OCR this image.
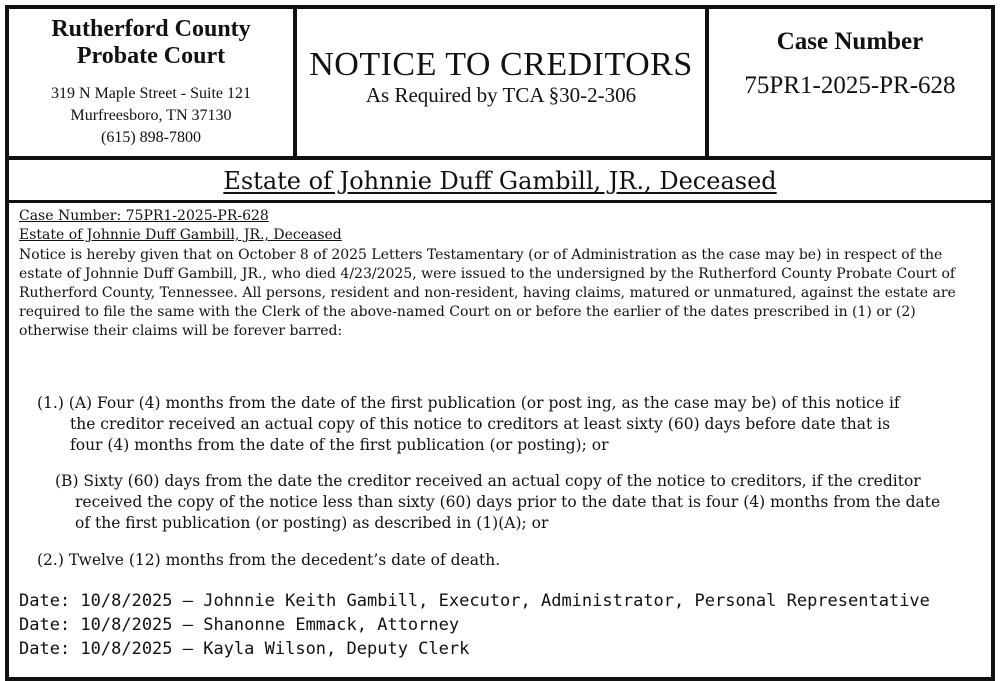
Rutherford County
Probate Court
319 N Maple Street - Suite 121
Murfreesboro, TN 37130
(615) 898-7800
NOTICE TO CREDITORS
As Required by TCA §30-2-306
Case Number
75PR1-2025-PR-628
Estate of Johnnie Duff Gambill, JR., Deceased
Case Number: 75PR1-2025-PR-628
Estate of Johnnie Duff Gambill, JR., Deceased
Notice is hereby given that on October 8 of 2025 Letters Testamentary (or of Administration as the case may be) in respect of the estate of Johnnie Duff Gambill, JR., who died 4/23/2025, were issued to the undersigned by the Rutherford County Probate Court of Rutherford County, Tennessee. All persons, resident and non-resident, having claims, matured or unmatured, against the estate are required to file the same with the Clerk of the above-named Court on or before the earlier of the dates prescribed in (1) or (2) otherwise their claims will be forever barred:
(1.) (A) Four (4) months from the date of the first publication (or post ing, as the case may be) of this notice if
the creditor received an actual copy of this notice to creditors at least sixty (60) days before date that is
four (4) months from the date of the first publication (or posting); or
(B) Sixty (60) days from the date the creditor received an actual copy of the notice to creditors, if the creditor
received the copy of the notice less than sixty (60) days prior to the date that is four (4) months from the date
of the first publication (or posting) as described in (1)(A); or
(2.) Twelve (12) months from the decedent’s date of death.
Date: 10/8/2025 — Johnnie Keith Gambill, Executor, Administrator, Personal Representative
Date: 10/8/2025 — Shanonne Emmack, Attorney
Date: 10/8/2025 — Kayla Wilson, Deputy Clerk
